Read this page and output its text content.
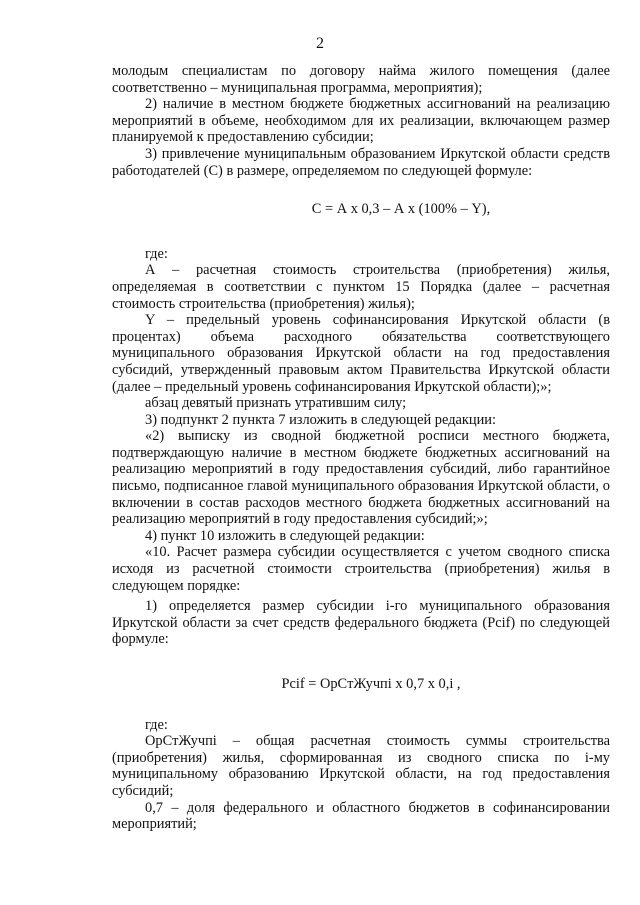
2

молодым специалистам по договору найма жилого помещения (далее соответственно – муниципальная программа, мероприятия);

2) наличие в местном бюджете бюджетных ассигнований на реализацию мероприятий в объеме, необходимом для их реализации, включающем размер планируемой к предоставлению субсидии;

3) привлечение муниципальным образованием Иркутской области средств работодателей (С) в размере, определяемом по следующей формуле:

С = А х 0,3 – А х (100% – Y),

где:

А – расчетная стоимость строительства (приобретения) жилья, определяемая в соответствии с пунктом 15 Порядка (далее – расчетная стоимость строительства (приобретения) жилья);

Y – предельный уровень софинансирования Иркутской области (в процентах) объема расходного обязательства соответствующего муниципального образования Иркутской области на год предоставления субсидий, утвержденный правовым актом Правительства Иркутской области (далее – предельный уровень софинансирования Иркутской области);»;

абзац девятый признать утратившим силу;

3) подпункт 2 пункта 7 изложить в следующей редакции:

«2) выписку из сводной бюджетной росписи местного бюджета, подтверждающую наличие в местном бюджете бюджетных ассигнований на реализацию мероприятий в году предоставления субсидий, либо гарантийное письмо, подписанное главой муниципального образования Иркутской области, о включении в состав расходов местного бюджета бюджетных ассигнований на реализацию мероприятий в году предоставления субсидий;»;

4) пункт 10 изложить в следующей редакции:

«10. Расчет размера субсидии осуществляется с учетом сводного списка исходя из расчетной стоимости строительства (приобретения) жилья в следующем порядке:

1) определяется размер субсидии i-го муниципального образования Иркутской области за счет средств федерального бюджета (Pcif) по следующей формуле:

Pcif = OpCтЖучпi х 0,7 х 0,i ,

где:

OpCтЖучпi – общая расчетная стоимость суммы строительства (приобретения) жилья, сформированная из сводного списка по i-му муниципальному образованию Иркутской области, на год предоставления субсидий;

0,7 – доля федерального и областного бюджетов в софинансировании мероприятий;
